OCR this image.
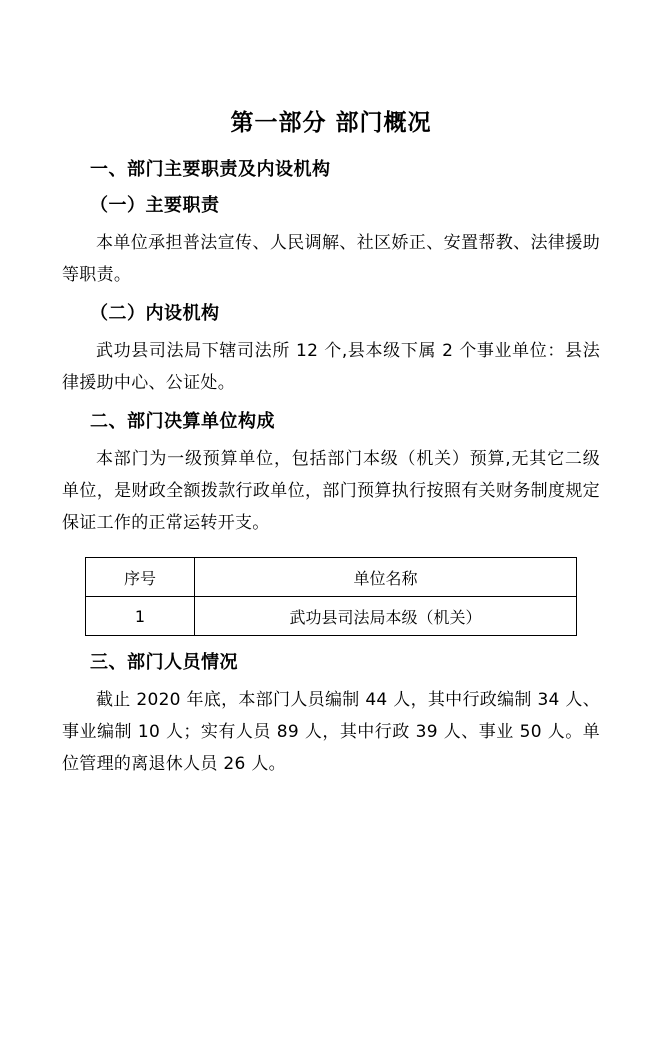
第一部分 部门概况
一、部门主要职责及内设机构
（一）主要职责

本单位承担普法宣传、人民调解、社区娇正、安置帮教、法律援助等职责。

（二）内设机构

武功县司法局下辖司法所 12 个,县本级下属 2 个事业单位：县法律援助中心、公证处。

二、部门决算单位构成

本部门为一级预算单位，包括部门本级（机关）预算,无其它二级单位，是财政全额拨款行政单位，部门预算执行按照有关财务制度规定保证工作的正常运转开支。

序号	单位名称
1	武功县司法局本级（机关）
三、部门人员情况

截止 2020 年底，本部门人员编制 44 人，其中行政编制 34 人、事业编制 10 人；实有人员 89 人，其中行政 39 人、事业 50 人。单位管理的离退休人员 26 人。
